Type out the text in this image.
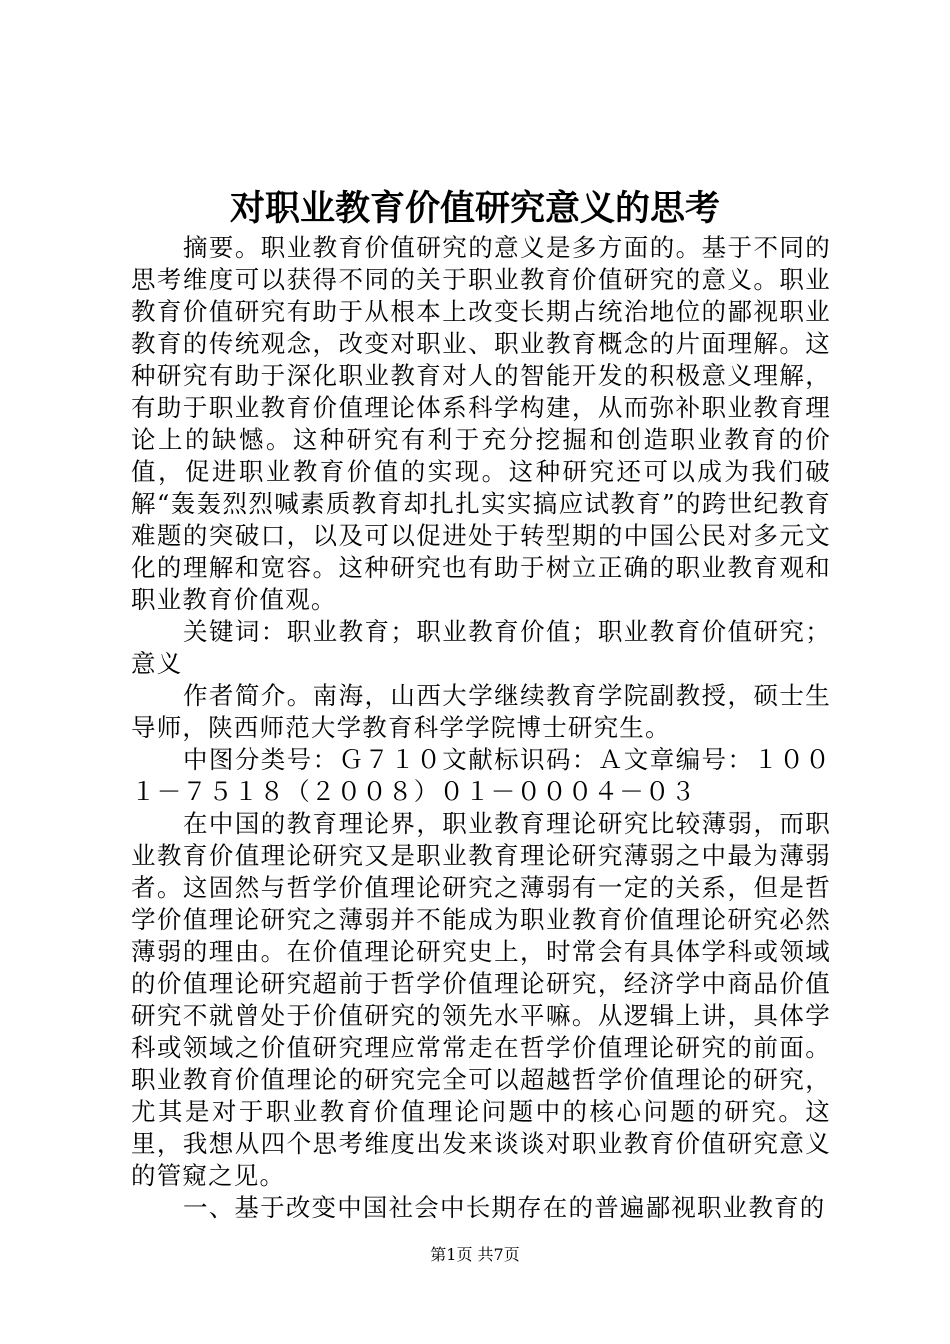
对职业教育价值研究意义的思考

摘要。职业教育价值研究的意义是多方面的。基于不同的思考维度可以获得不同的关于职业教育价值研究的意义。职业教育价值研究有助于从根本上改变长期占统治地位的鄙视职业教育的传统观念，改变对职业、职业教育概念的片面理解。这种研究有助于深化职业教育对人的智能开发的积极意义理解，有助于职业教育价值理论体系科学构建，从而弥补职业教育理论上的缺憾。这种研究有利于充分挖掘和创造职业教育的价值，促进职业教育价值的实现。这种研究还可以成为我们破解“轰轰烈烈喊素质教育却扎扎实实搞应试教育”的跨世纪教育难题的突破口，以及可以促进处于转型期的中国公民对多元文化的理解和宽容。这种研究也有助于树立正确的职业教育观和职业教育价值观。

关键词：职业教育；职业教育价值；职业教育价值研究；意义

作者简介。南海，山西大学继续教育学院副教授，硕士生导师，陕西师范大学教育科学学院博士研究生。

中图分类号：Ｇ７１０文献标识码：Ａ文章编号：１００１－７５１８（２００８）０１－０００４－０３

在中国的教育理论界，职业教育理论研究比较薄弱，而职业教育价值理论研究又是职业教育理论研究薄弱之中最为薄弱者。这固然与哲学价值理论研究之薄弱有一定的关系，但是哲学价值理论研究之薄弱并不能成为职业教育价值理论研究必然薄弱的理由。在价值理论研究史上，时常会有具体学科或领域的价值理论研究超前于哲学价值理论研究，经济学中商品价值研究不就曾处于价值研究的领先水平嘛。从逻辑上讲，具体学科或领域之价值研究理应常常走在哲学价值理论研究的前面。职业教育价值理论的研究完全可以超越哲学价值理论的研究，尤其是对于职业教育价值理论问题中的核心问题的研究。这里，我想从四个思考维度出发来谈谈对职业教育价值研究意义的管窥之见。

一、基于改变中国社会中长期存在的普遍鄙视职业教育的

第1页 共7页
